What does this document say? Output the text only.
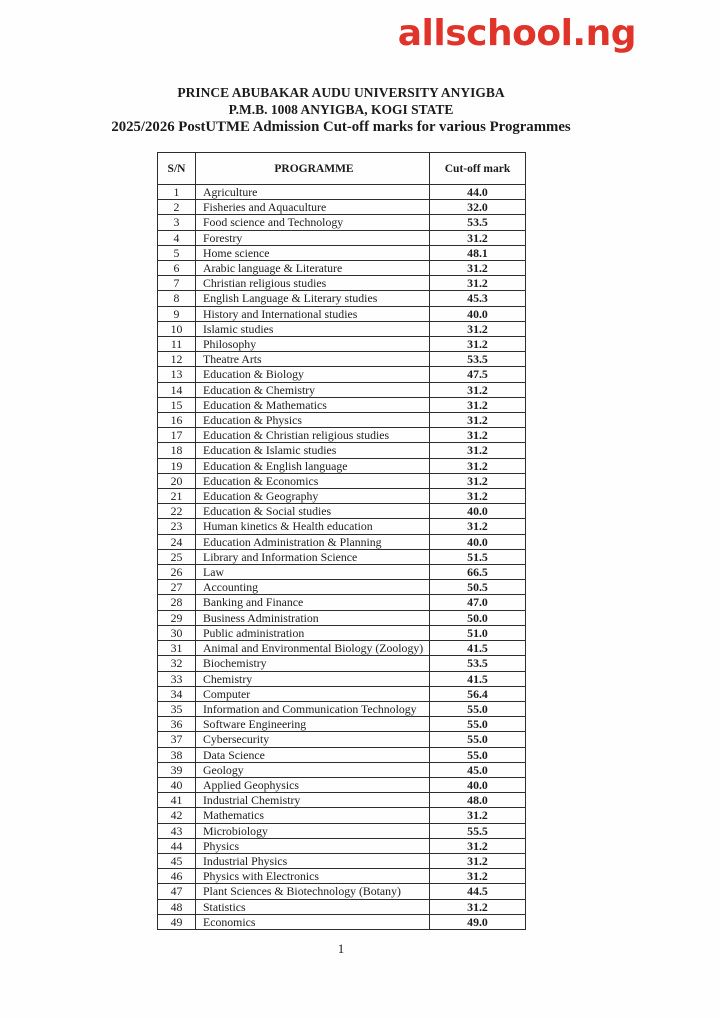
allschool.ng
PRINCE ABUBAKAR AUDU UNIVERSITY ANYIGBA
P.M.B. 1008 ANYIGBA, KOGI STATE
2025/2026 PostUTME Admission Cut-off marks for various Programmes
S/N	PROGRAMME	Cut-off mark
1	Agriculture	44.0
2	Fisheries and Aquaculture	32.0
3	Food science and Technology	53.5
4	Forestry	31.2
5	Home science	48.1
6	Arabic language & Literature	31.2
7	Christian religious studies	31.2
8	English Language & Literary studies	45.3
9	History and International studies	40.0
10	Islamic studies	31.2
11	Philosophy	31.2
12	Theatre Arts	53.5
13	Education & Biology	47.5
14	Education & Chemistry	31.2
15	Education & Mathematics	31.2
16	Education & Physics	31.2
17	Education & Christian religious studies	31.2
18	Education & Islamic studies	31.2
19	Education & English language	31.2
20	Education & Economics	31.2
21	Education & Geography	31.2
22	Education & Social studies	40.0
23	Human kinetics & Health education	31.2
24	Education Administration & Planning	40.0
25	Library and Information Science	51.5
26	Law	66.5
27	Accounting	50.5
28	Banking and Finance	47.0
29	Business Administration	50.0
30	Public administration	51.0
31	Animal and Environmental Biology (Zoology)	41.5
32	Biochemistry	53.5
33	Chemistry	41.5
34	Computer	56.4
35	Information and Communication Technology	55.0
36	Software Engineering	55.0
37	Cybersecurity	55.0
38	Data Science	55.0
39	Geology	45.0
40	Applied Geophysics	40.0
41	Industrial Chemistry	48.0
42	Mathematics	31.2
43	Microbiology	55.5
44	Physics	31.2
45	Industrial Physics	31.2
46	Physics with Electronics	31.2
47	Plant Sciences & Biotechnology (Botany)	44.5
48	Statistics	31.2
49	Economics	49.0
1
